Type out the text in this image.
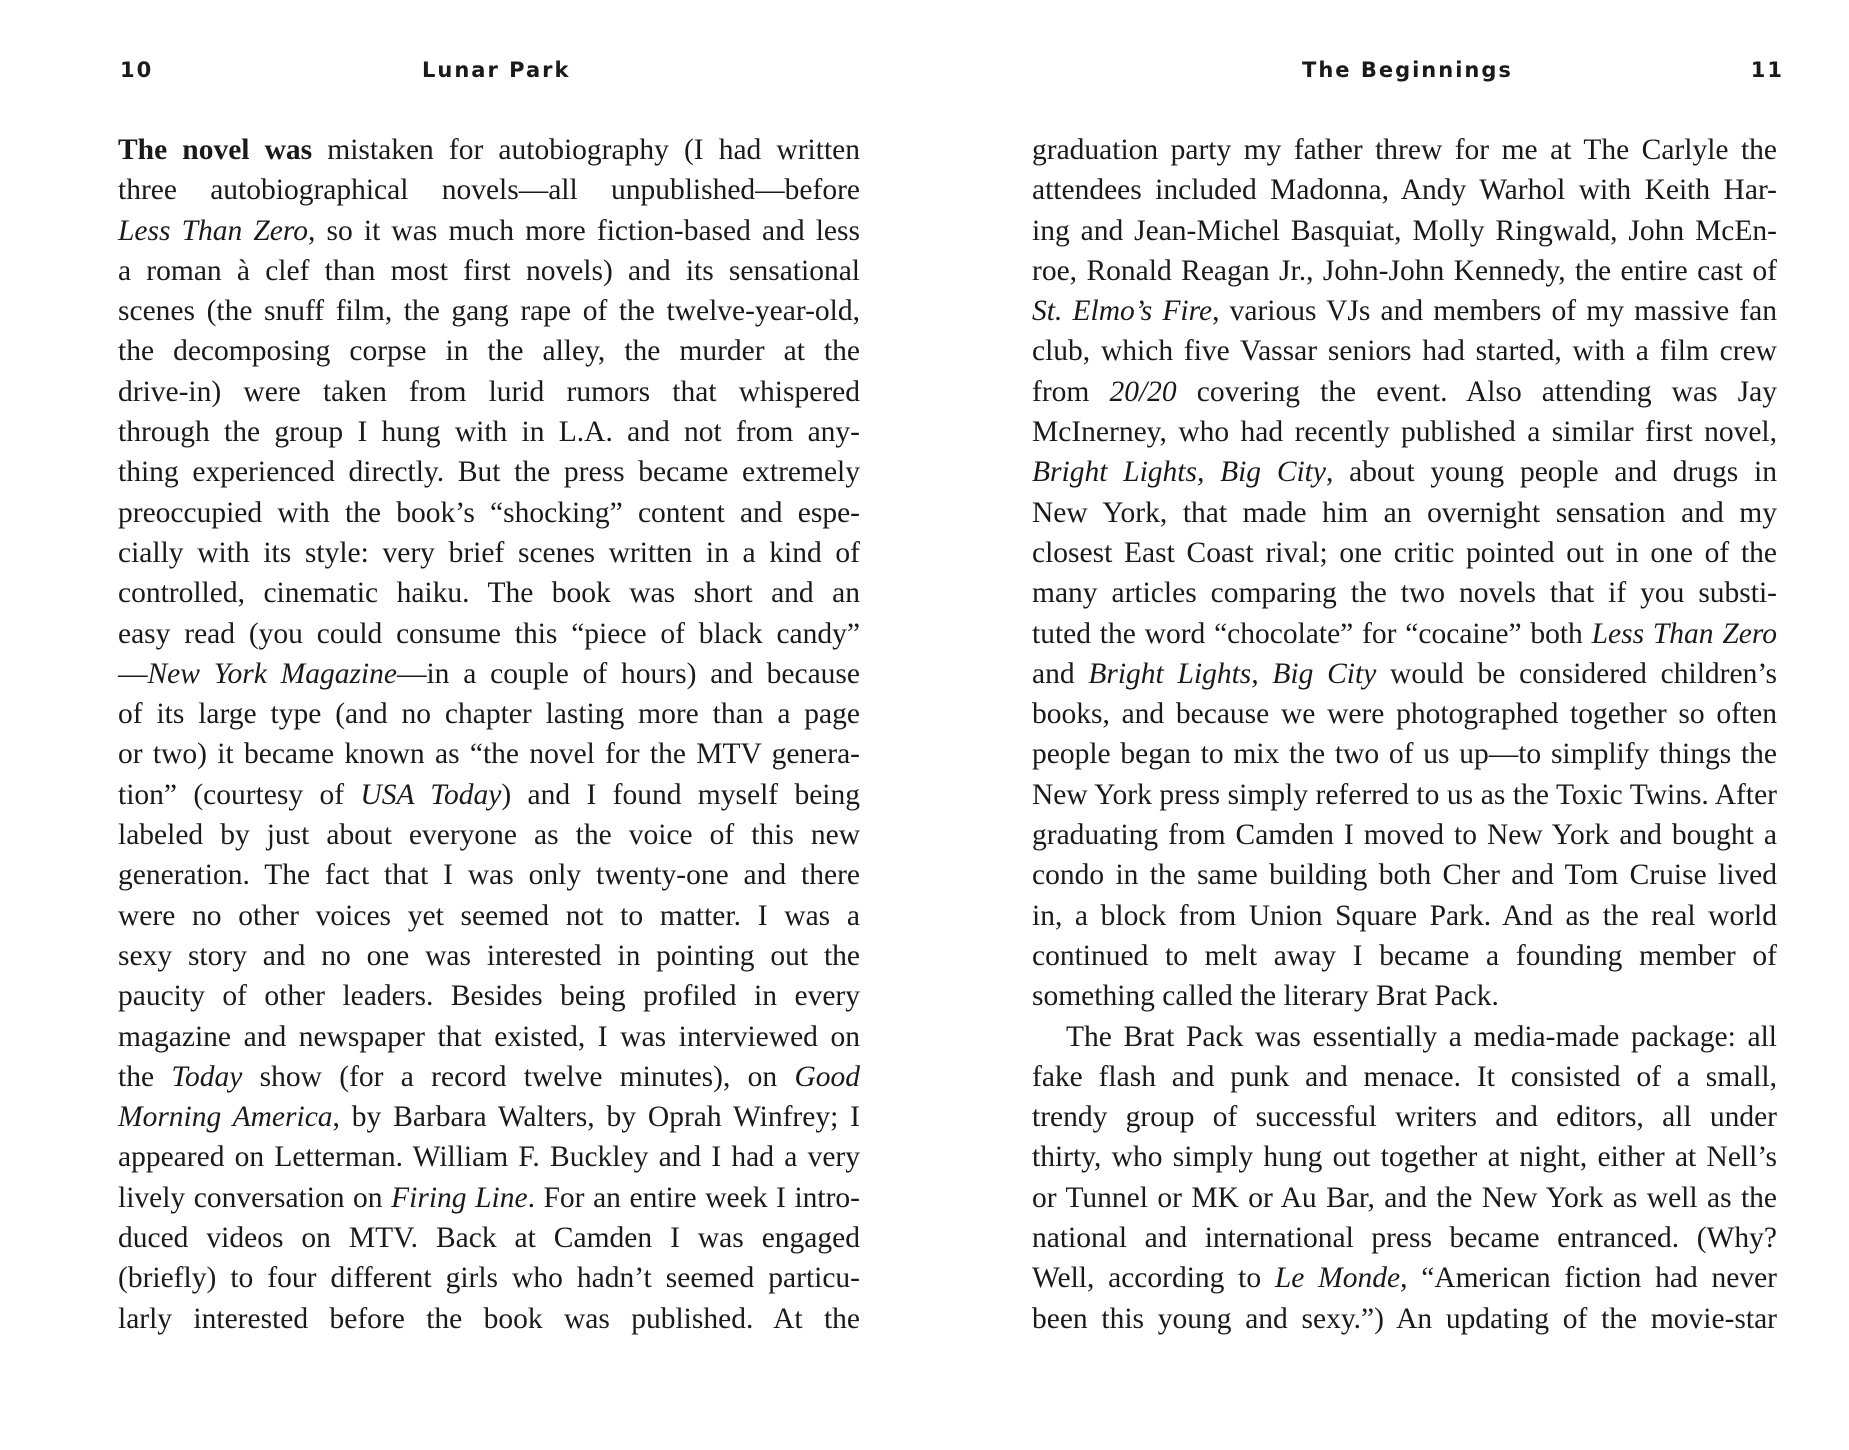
10	Lunar Park
The novel was mistaken for autobiography (I had written
three autobiographical novels—all unpublished—before
Less Than Zero, so it was much more fiction-based and less
a roman à clef than most first novels) and its sensational
scenes (the snuff film, the gang rape of the twelve-year-old,
the decomposing corpse in the alley, the murder at the
drive-in) were taken from lurid rumors that whispered
through the group I hung with in L.A. and not from any-
thing experienced directly. But the press became extremely
preoccupied with the book’s “shocking” content and espe-
cially with its style: very brief scenes written in a kind of
controlled, cinematic haiku. The book was short and an
easy read (you could consume this “piece of black candy”
—New York Magazine—in a couple of hours) and because
of its large type (and no chapter lasting more than a page
or two) it became known as “the novel for the MTV genera-
tion” (courtesy of USA Today) and I found myself being
labeled by just about everyone as the voice of this new
generation. The fact that I was only twenty-one and there
were no other voices yet seemed not to matter. I was a
sexy story and no one was interested in pointing out the
paucity of other leaders. Besides being profiled in every
magazine and newspaper that existed, I was interviewed on
the Today show (for a record twelve minutes), on Good
Morning America, by Barbara Walters, by Oprah Winfrey; I
appeared on Letterman. William F. Buckley and I had a very
lively conversation on Firing Line. For an entire week I intro-
duced videos on MTV. Back at Camden I was engaged
(briefly) to four different girls who hadn’t seemed particu-
larly interested before the book was published. At the
The Beginnings	11
graduation party my father threw for me at The Carlyle the
attendees included Madonna, Andy Warhol with Keith Har-
ing and Jean-Michel Basquiat, Molly Ringwald, John McEn-
roe, Ronald Reagan Jr., John-John Kennedy, the entire cast of
St. Elmo’s Fire, various VJs and members of my massive fan
club, which five Vassar seniors had started, with a film crew
from 20/20 covering the event. Also attending was Jay
McInerney, who had recently published a similar first novel,
Bright Lights, Big City, about young people and drugs in
New York, that made him an overnight sensation and my
closest East Coast rival; one critic pointed out in one of the
many articles comparing the two novels that if you substi-
tuted the word “chocolate” for “cocaine” both Less Than Zero
and Bright Lights, Big City would be considered children’s
books, and because we were photographed together so often
people began to mix the two of us up—to simplify things the
New York press simply referred to us as the Toxic Twins. After
graduating from Camden I moved to New York and bought a
condo in the same building both Cher and Tom Cruise lived
in, a block from Union Square Park. And as the real world
continued to melt away I became a founding member of
something called the literary Brat Pack.
The Brat Pack was essentially a media-made package: all
fake flash and punk and menace. It consisted of a small,
trendy group of successful writers and editors, all under
thirty, who simply hung out together at night, either at Nell’s
or Tunnel or MK or Au Bar, and the New York as well as the
national and international press became entranced. (Why?
Well, according to Le Monde, “American fiction had never
been this young and sexy.”) An updating of the movie-star
